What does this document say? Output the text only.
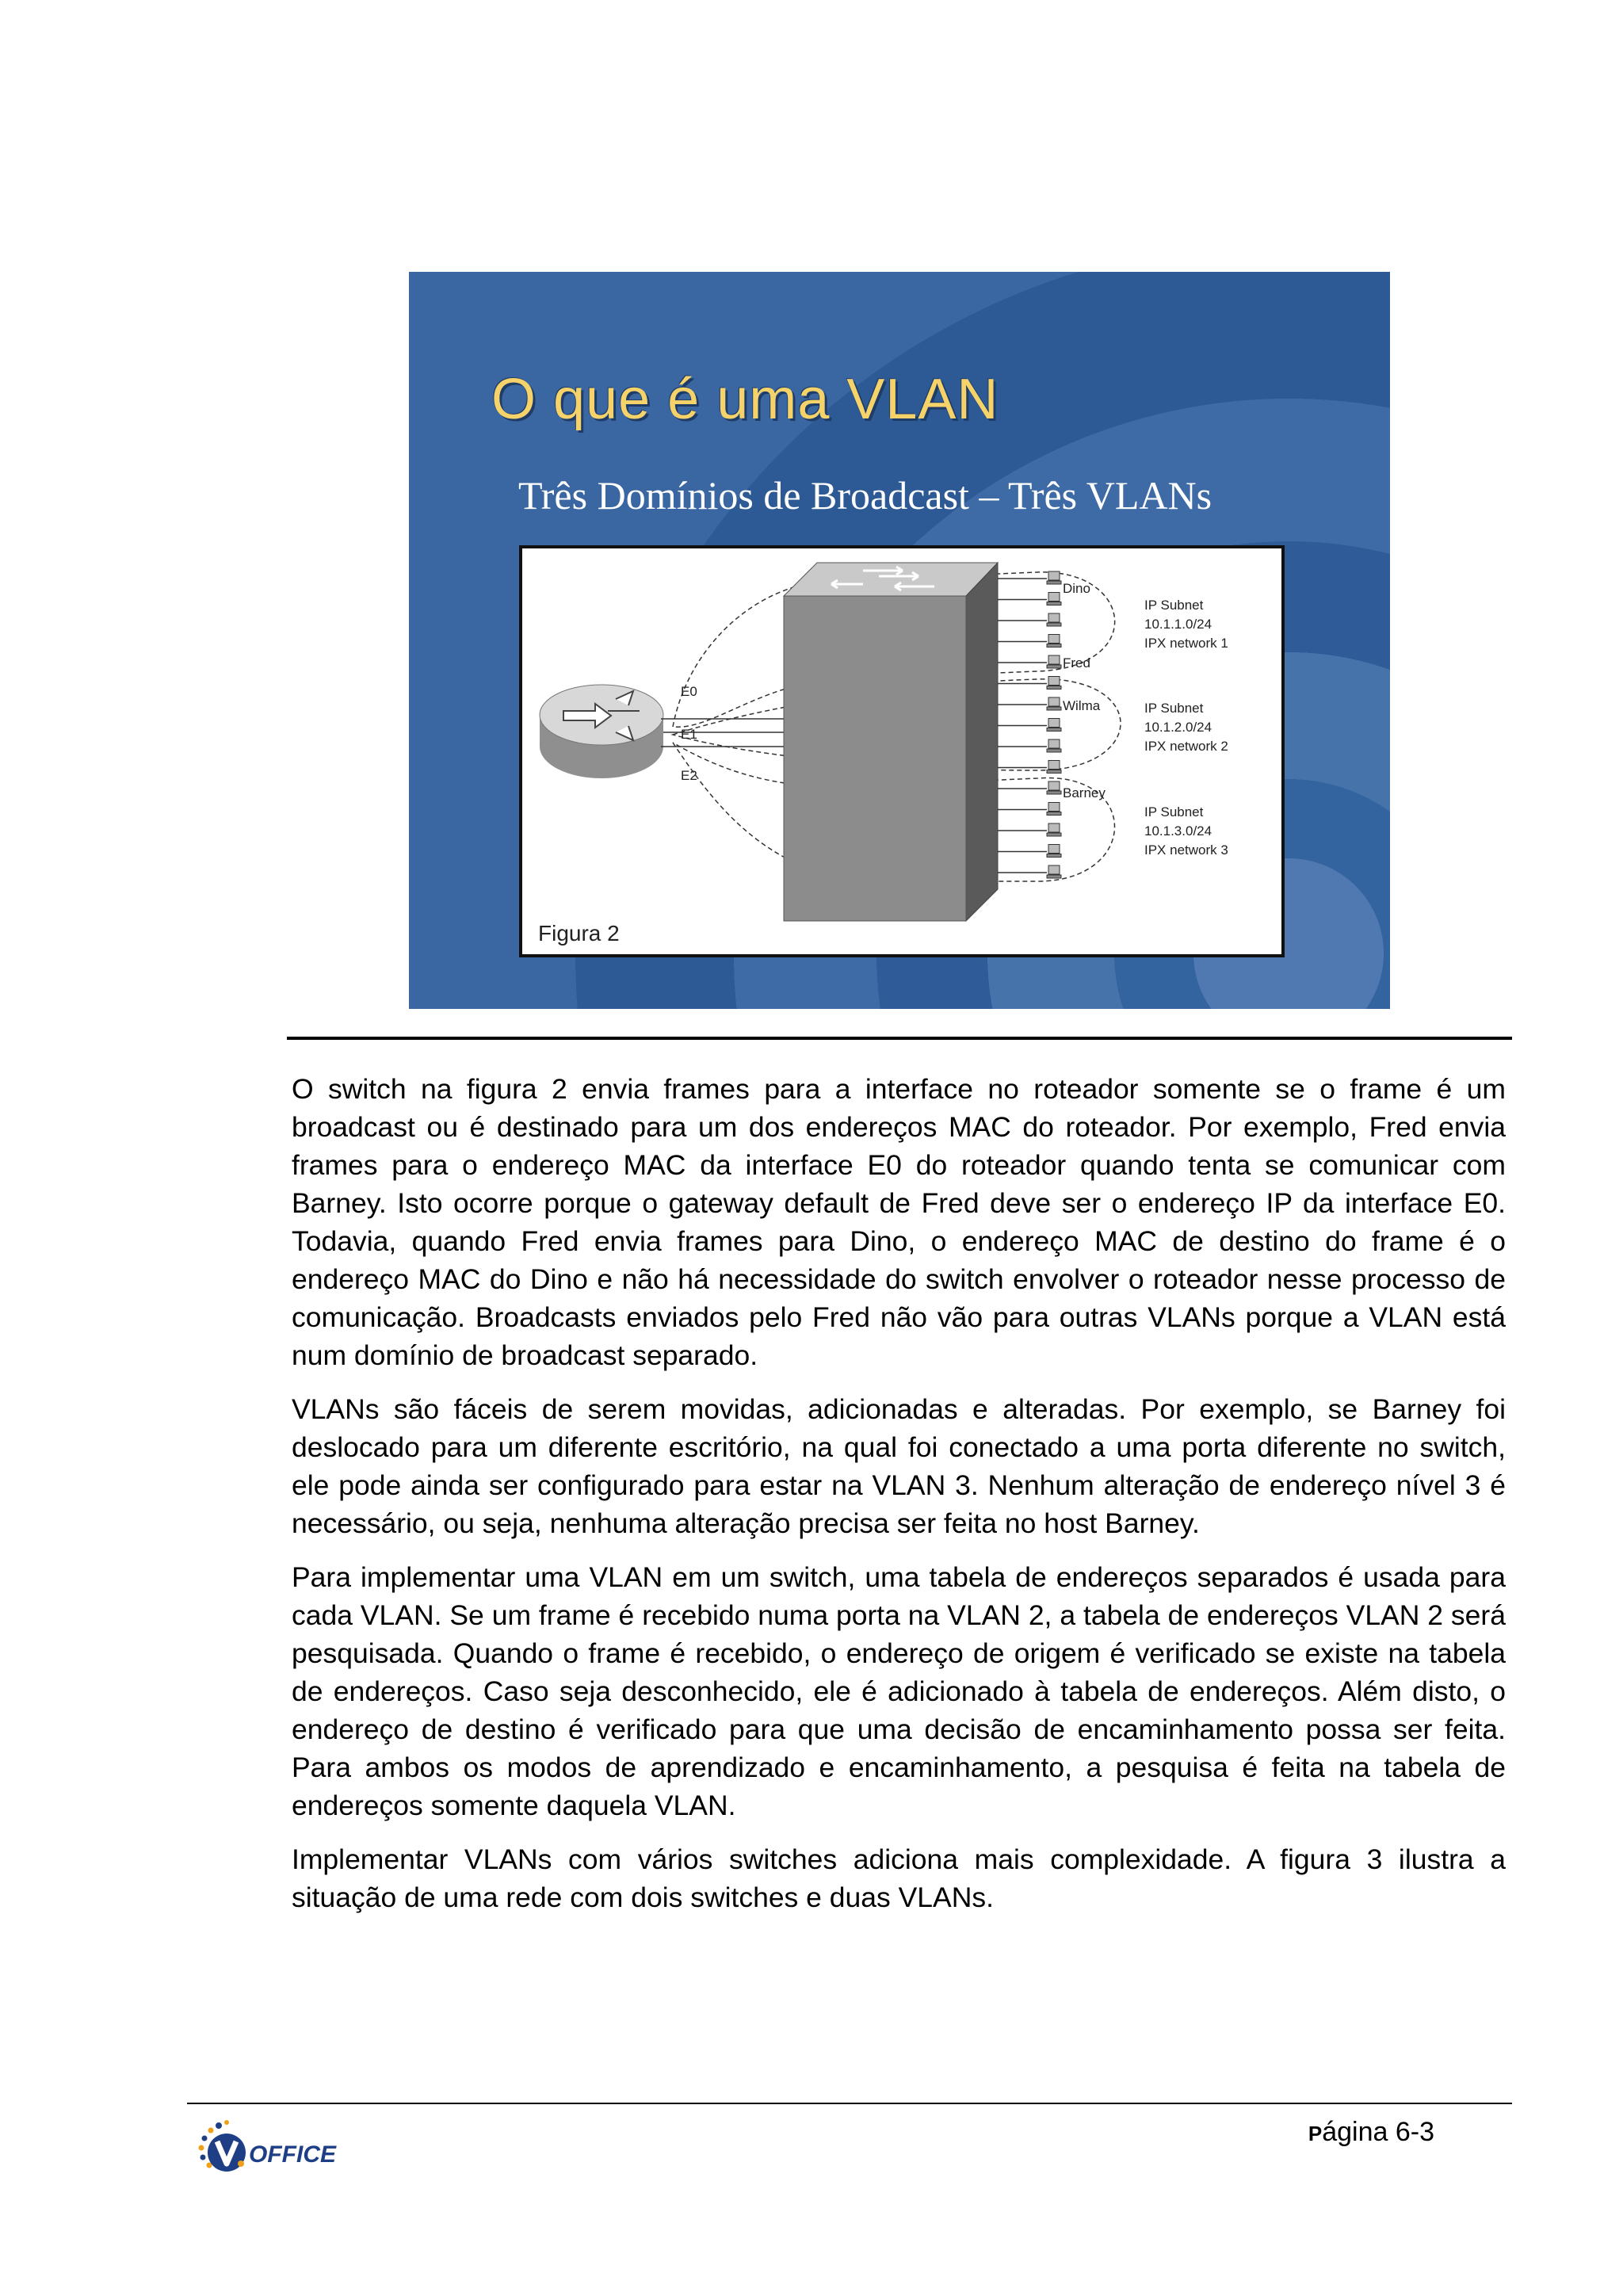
O que é uma VLAN
Três Domínios de Broadcast – Três VLANs
E0
E1
E2
Dino
Fred
Wilma
Barney
IP Subnet
10.1.1.0/24
IPX network 1
IP Subnet
10.1.2.0/24
IPX network 2
IP Subnet
10.1.3.0/24
IPX network 3
Figura 2

O switch na figura 2 envia frames para a interface no roteador somente se o frame é um broadcast ou é destinado para um dos endereços MAC do roteador. Por exemplo, Fred envia frames para o endereço MAC da interface E0 do roteador quando tenta se comunicar com Barney. Isto ocorre porque o gateway default de Fred deve ser o endereço IP da interface E0. Todavia, quando Fred envia frames para Dino, o endereço MAC de destino do frame é o endereço MAC do Dino e não há necessidade do switch envolver o roteador nesse processo de comunicação. Broadcasts enviados pelo Fred não vão para outras VLANs porque a VLAN está num domínio de broadcast separado.

VLANs são fáceis de serem movidas, adicionadas e alteradas. Por exemplo, se Barney foi deslocado para um diferente escritório, na qual foi conectado a uma porta diferente no switch, ele pode ainda ser configurado para estar na VLAN 3. Nenhum alteração de endereço nível 3 é necessário, ou seja, nenhuma alteração precisa ser feita no host Barney.

Para implementar uma VLAN em um switch, uma tabela de endereços separados é usada para cada VLAN. Se um frame é recebido numa porta na VLAN 2, a tabela de endereços VLAN 2 será pesquisada. Quando o frame é recebido, o endereço de origem é verificado se existe na tabela de endereços. Caso seja desconhecido, ele é adicionado à tabela de endereços. Além disto, o endereço de destino é verificado para que uma decisão de encaminhamento possa ser feita. Para ambos os modos de aprendizado e encaminhamento, a pesquisa é feita na tabela de endereços somente daquela VLAN.

Implementar VLANs com vários switches adiciona mais complexidade. A figura 3 ilustra a situação de uma rede com dois switches e duas VLANs.

OFFICE
Página 6-3
